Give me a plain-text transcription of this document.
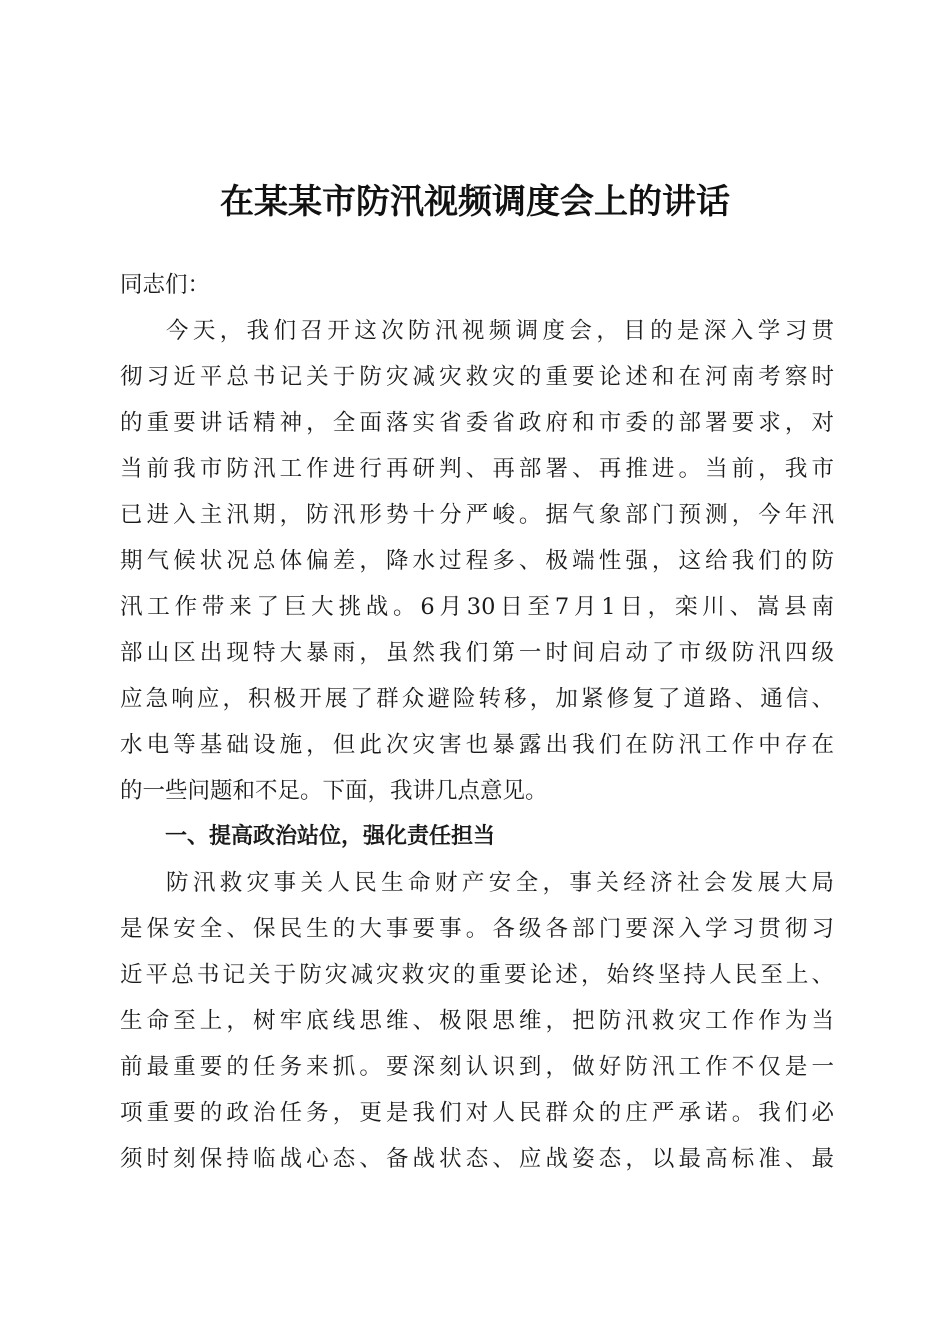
在某某市防汛视频调度会上的讲话
同志们：
今天，我们召开这次防汛视频调度会，目的是深入学习贯
彻习近平总书记关于防灾减灾救灾的重要论述和在河南考察时
的重要讲话精神，全面落实省委省政府和市委的部署要求，对
当前我市防汛工作进行再研判、再部署、再推进。当前，我市
已进入主汛期，防汛形势十分严峻。据气象部门预测，今年汛
期气候状况总体偏差，降水过程多、极端性强，这给我们的防
汛工作带来了巨大挑战。6月30日至7月1日，栾川、嵩县南
部山区出现特大暴雨，虽然我们第一时间启动了市级防汛四级
应急响应，积极开展了群众避险转移，加紧修复了道路、通信、
水电等基础设施，但此次灾害也暴露出我们在防汛工作中存在
的一些问题和不足。下面，我讲几点意见。
一、提高政治站位，强化责任担当
防汛救灾事关人民生命财产安全，事关经济社会发展大局
是保安全、保民生的大事要事。各级各部门要深入学习贯彻习
近平总书记关于防灾减灾救灾的重要论述，始终坚持人民至上、
生命至上，树牢底线思维、极限思维，把防汛救灾工作作为当
前最重要的任务来抓。要深刻认识到，做好防汛工作不仅是一
项重要的政治任务，更是我们对人民群众的庄严承诺。我们必
须时刻保持临战心态、备战状态、应战姿态，以最高标准、最
